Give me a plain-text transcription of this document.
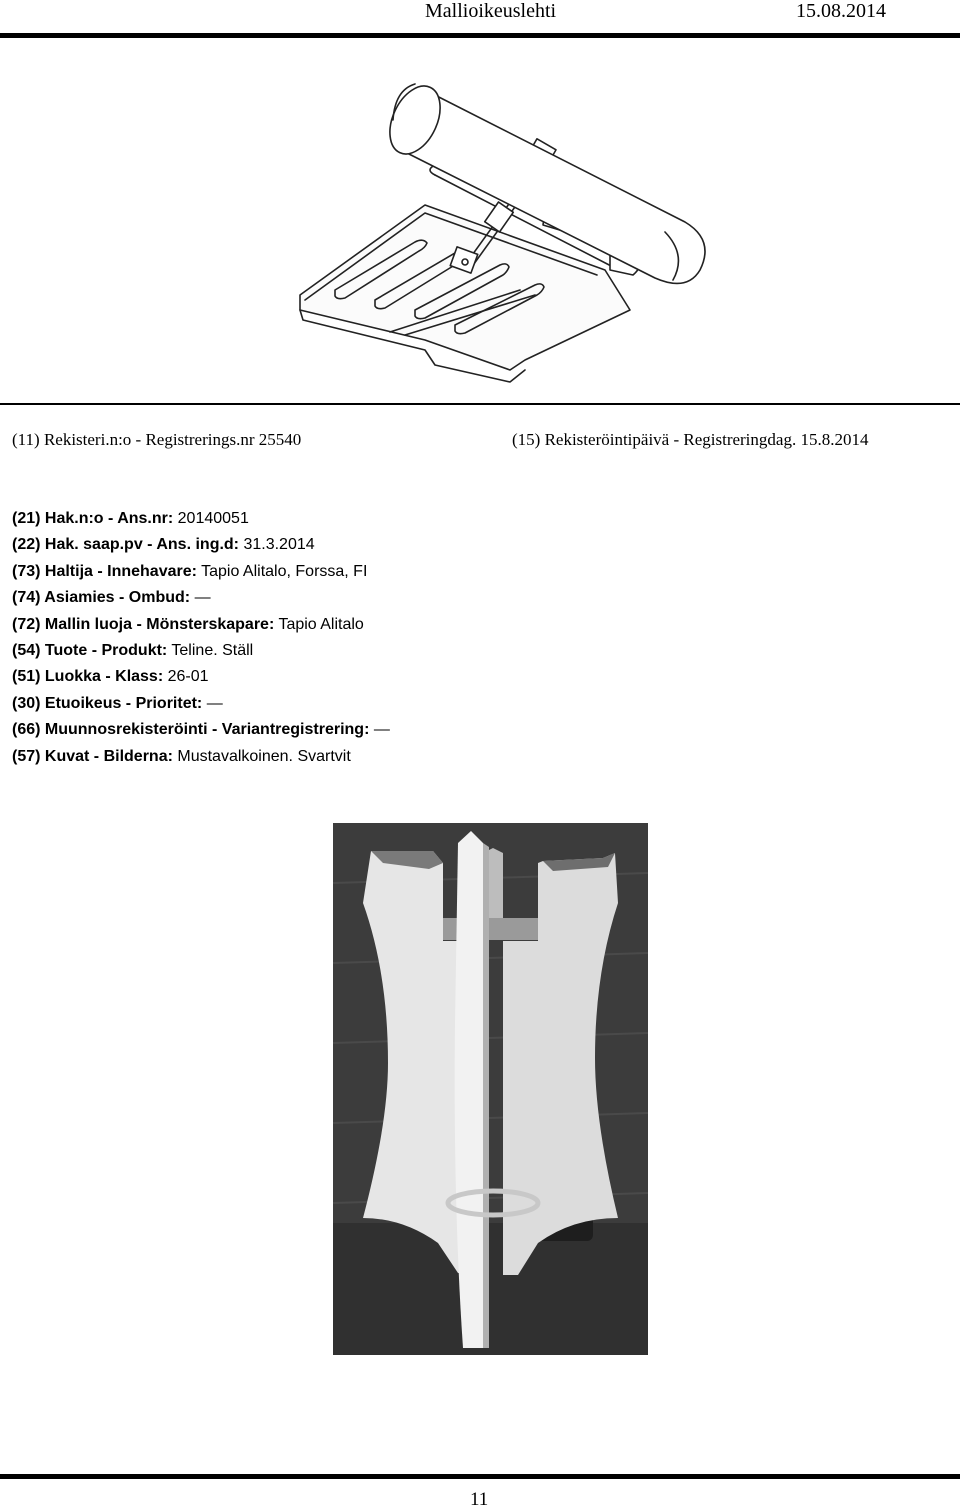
Mallioikeuslehti	15.08.2014
(11) Rekisteri.n:o - Registrerings.nr 25540	(15) Rekisteröintipäivä - Registreringdag. 15.8.2014
(21) Hak.n:o - Ans.nr: 20140051
(22) Hak. saap.pv - Ans. ing.d: 31.3.2014
(73) Haltija - Innehavare: Tapio Alitalo, Forssa, FI
(74) Asiamies - Ombud: —
(72) Mallin luoja - Mönsterskapare: Tapio Alitalo
(54) Tuote - Produkt: Teline. Ställ
(51) Luokka - Klass: 26-01
(30) Etuoikeus - Prioritet: —
(66) Muunnosrekisteröinti - Variantregistrering: —
(57) Kuvat - Bilderna: Mustavalkoinen. Svartvit
11
